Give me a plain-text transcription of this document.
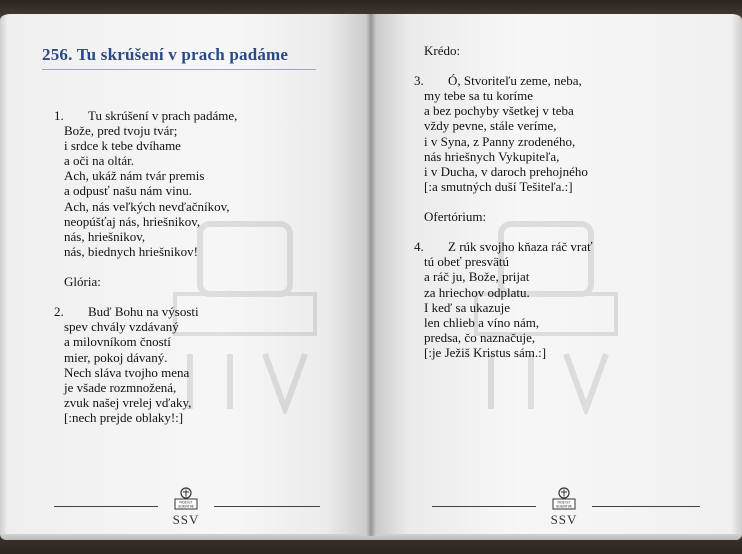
256. Tu skrúšení v prach padáme
1. Tu skrúšení v prach padáme,
Bože, pred tvoju tvár;
i srdce k tebe dvíhame
a oči na oltár.
Ach, ukáž nám tvár premis
a odpusť našu nám vinu.
Ach, nás veľkých nevďačníkov,
neopúšťaj nás, hriešnikov,
nás, hriešnikov,
nás, biednych hriešnikov!
Glória:
2. Buď Bohu na výsosti
spev chvály vzdávaný
a milovníkom čností
mier, pokoj dávaný.
Nech sláva tvojho mena
je všade rozmnožená,
zvuk našej vrelej vďaky,
[:nech prejde oblaky!:]
FIDEI ET
SCIENTIÆ
SSV
Krédo:
3. Ó, Stvoriteľu zeme, neba,
my tebe sa tu koríme
a bez pochyby všetkej v teba
vždy pevne, stále veríme,
i v Syna, z Panny zrodeného,
nás hriešnych Vykupiteľa,
i v Ducha, v daroch prehojného
[:a smutných duší Tešiteľa.:]
Ofertórium:
4. Z rúk svojho kňaza ráč vrať
tú obeť presvätú
a ráč ju, Bože, prijat
za hriechov odplatu.
I keď sa ukazuje
len chlieb a víno nám,
predsa, čo naznačuje,
[:je Ježiš Kristus sám.:]
FIDEI ET
SCIENTIÆ
SSV
